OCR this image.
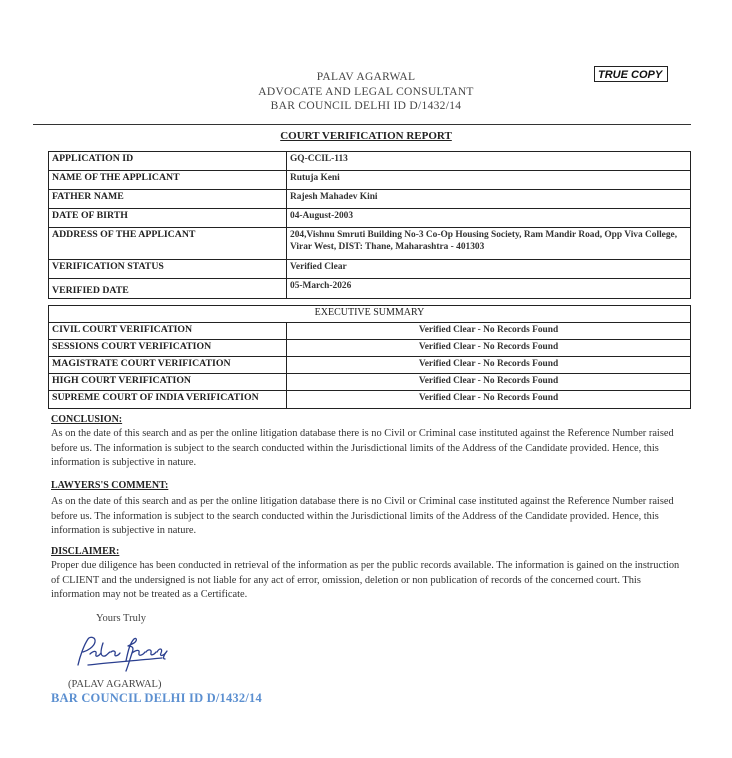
PALAV AGARWAL
ADVOCATE AND LEGAL CONSULTANT
BAR COUNCIL DELHI ID D/1432/14
TRUE COPY
COURT VERIFICATION REPORT
APPLICATION ID	GQ-CCIL-113
NAME OF THE APPLICANT	Rutuja Keni
FATHER NAME	Rajesh Mahadev Kini
DATE OF BIRTH	04-August-2003
ADDRESS OF THE APPLICANT	204,Vishnu Smruti Building No-3 Co-Op Housing Society, Ram Mandir Road, Opp Viva College, Virar West, DIST: Thane, Maharashtra - 401303
VERIFICATION STATUS	Verified Clear
VERIFIED DATE	05-March-2026
EXECUTIVE SUMMARY	
CIVIL COURT VERIFICATION	Verified Clear - No Records Found
SESSIONS COURT VERIFICATION	Verified Clear - No Records Found
MAGISTRATE COURT VERIFICATION	Verified Clear - No Records Found
HIGH COURT VERIFICATION	Verified Clear - No Records Found
SUPREME COURT OF INDIA VERIFICATION	Verified Clear - No Records Found
CONCLUSION:
As on the date of this search and as per the online litigation database there is no Civil or Criminal case instituted against the Reference Number raised before us. The information is subject to the search conducted within the Jurisdictional limits of the Address of the Candidate provided. Hence, this information is subjective in nature.
LAWYERS'S COMMENT:
As on the date of this search and as per the online litigation database there is no Civil or Criminal case instituted against the Reference Number raised before us. The information is subject to the search conducted within the Jurisdictional limits of the Address of the Candidate provided. Hence, this information is subjective in nature.
DISCLAIMER:
Proper due diligence has been conducted in retrieval of the information as per the public records available. The information is gained on the instruction of CLIENT and the undersigned is not liable for any act of error, omission, deletion or non publication of records of the concerned court. This information may not be treated as a Certificate.
Yours Truly
(PALAV AGARWAL)
BAR COUNCIL DELHI ID D/1432/14
